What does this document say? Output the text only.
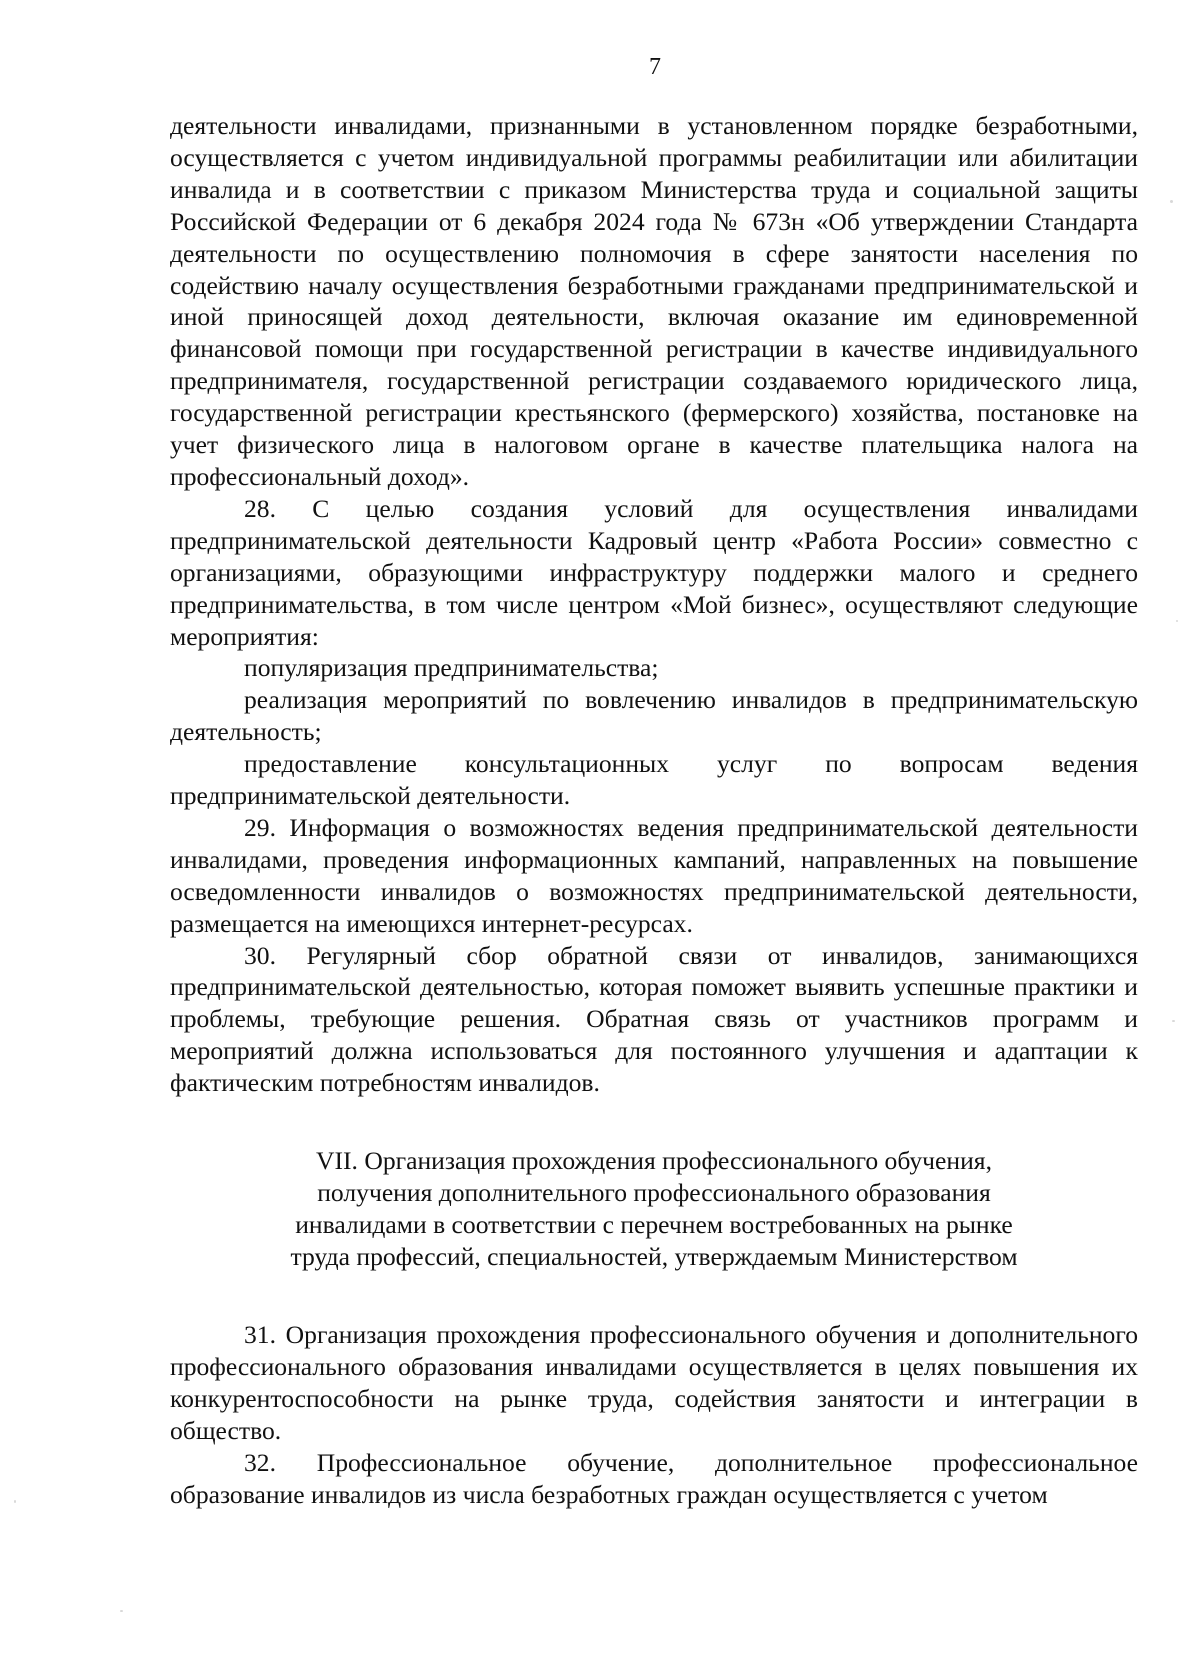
7

деятельности инвалидами, признанными в установленном порядке безработными, осуществляется с учетом индивидуальной программы реабилитации или абилитации инвалида и в соответствии с приказом Министерства труда и социальной защиты Российской Федерации от 6 декабря 2024 года № 673н «Об утверждении Стандарта деятельности по осуществлению полномочия в сфере занятости населения по содействию началу осуществления безработными гражданами предпринимательской и иной приносящей доход деятельности, включая оказание им единовременной финансовой помощи при государственной регистрации в качестве индивидуального предпринимателя, государственной регистрации создаваемого юридического лица, государственной регистрации крестьянского (фермерского) хозяйства, постановке на учет физического лица в налоговом органе в качестве плательщика налога на профессиональный доход».

28. С целью создания условий для осуществления инвалидами предпринимательской деятельности Кадровый центр «Работа России» совместно с организациями, образующими инфраструктуру поддержки малого и среднего предпринимательства, в том числе центром «Мой бизнес», осуществляют следующие мероприятия:

популяризация предпринимательства;

реализация мероприятий по вовлечению инвалидов в предпринимательскую деятельность;

предоставление консультационных услуг по вопросам ведения предпринимательской деятельности.

29. Информация о возможностях ведения предпринимательской деятельности инвалидами, проведения информационных кампаний, направленных на повышение осведомленности инвалидов о возможностях предпринимательской деятельности, размещается на имеющихся интернет-ресурсах.

30. Регулярный сбор обратной связи от инвалидов, занимающихся предпринимательской деятельностью, которая поможет выявить успешные практики и проблемы, требующие решения. Обратная связь от участников программ и мероприятий должна использоваться для постоянного улучшения и адаптации к фактическим потребностям инвалидов.

VII. Организация прохождения профессионального обучения,
получения дополнительного профессионального образования
инвалидами в соответствии с перечнем востребованных на рынке
труда профессий, специальностей, утверждаемым Министерством

31. Организация прохождения профессионального обучения и дополнительного профессионального образования инвалидами осуществляется в целях повышения их конкурентоспособности на рынке труда, содействия занятости и интеграции в общество.

32. Профессиональное обучение, дополнительное профессиональное образование инвалидов из числа безработных граждан осуществляется с учетом
